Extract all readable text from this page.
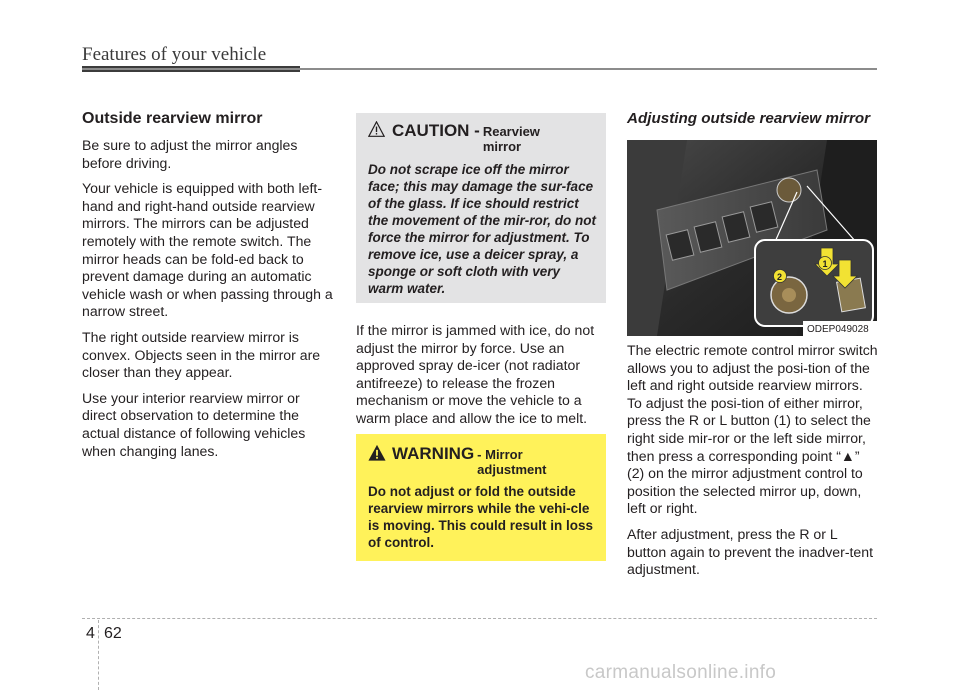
Features of your vehicle
Outside rearview mirror

Be sure to adjust the mirror angles before driving.

Your vehicle is equipped with both left-hand and right-hand outside rearview mirrors. The mirrors can be adjusted remotely with the remote switch. The mirror heads can be fold-ed back to prevent damage during an automatic vehicle wash or when passing through a narrow street.

The right outside rearview mirror is convex. Objects seen in the mirror are closer than they appear.

Use your interior rearview mirror or direct observation to determine the actual distance of following vehicles when changing lanes.

CAUTION - Rearview mirror

Do not scrape ice off the mirror face; this may damage the sur-face of the glass. If ice should restrict the movement of the mir-ror, do not force the mirror for adjustment. To remove ice, use a deicer spray, a sponge or soft cloth with very warm water.

If the mirror is jammed with ice, do not adjust the mirror by force. Use an approved spray de-icer (not radiator antifreeze) to release the frozen mechanism or move the vehicle to a warm place and allow the ice to melt.

WARNING - Mirror adjustment

Do not adjust or fold the outside rearview mirrors while the vehi-cle is moving. This could result in loss of control.

Adjusting outside rearview mirror
2
1
ODEP049028

The electric remote control mirror switch allows you to adjust the posi-tion of the left and right outside rearview mirrors. To adjust the posi-tion of either mirror, press the R or L button (1) to select the right side mir-ror or the left side mirror, then press a corresponding point “▲” (2) on the mirror adjustment control to position the selected mirror up, down, left or right.

After adjustment, press the R or L button again to prevent the inadver-tent adjustment.

4 62
carmanualsonline.info
